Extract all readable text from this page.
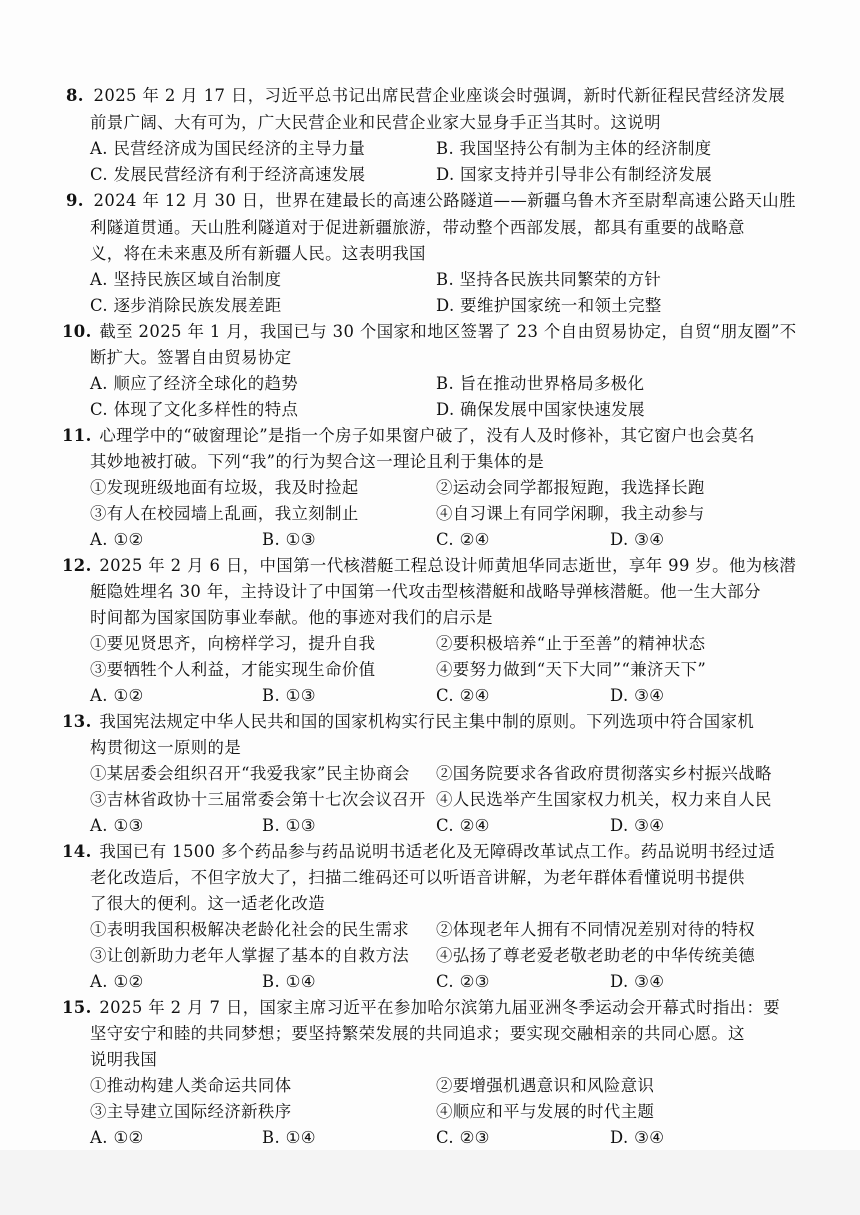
8. 2025 年 2 月 17 日，习近平总书记出席民营企业座谈会时强调，新时代新征程民营经济发展
前景广阔、大有可为，广大民营企业和民营企业家大显身手正当其时。这说明
A. 民营经济成为国民经济的主导力量	B. 我国坚持公有制为主体的经济制度
C. 发展民营经济有利于经济高速发展	D. 国家支持并引导非公有制经济发展
9. 2024 年 12 月 30 日，世界在建最长的高速公路隧道——新疆乌鲁木齐至尉犁高速公路天山胜
利隧道贯通。天山胜利隧道对于促进新疆旅游，带动整个西部发展，都具有重要的战略意
义，将在未来惠及所有新疆人民。这表明我国
A. 坚持民族区域自治制度	B. 坚持各民族共同繁荣的方针
C. 逐步消除民族发展差距	D. 要维护国家统一和领土完整
10. 截至 2025 年 1 月，我国已与 30 个国家和地区签署了 23 个自由贸易协定，自贸“朋友圈”不
断扩大。签署自由贸易协定
A. 顺应了经济全球化的趋势	B. 旨在推动世界格局多极化
C. 体现了文化多样性的特点	D. 确保发展中国家快速发展
11. 心理学中的“破窗理论”是指一个房子如果窗户破了，没有人及时修补，其它窗户也会莫名
其妙地被打破。下列“我”的行为契合这一理论且利于集体的是
①发现班级地面有垃圾，我及时捡起	②运动会同学都报短跑，我选择长跑
③有人在校园墙上乱画，我立刻制止	④自习课上有同学闲聊，我主动参与
A. ①②	B. ①③	C. ②④	D. ③④
12. 2025 年 2 月 6 日，中国第一代核潜艇工程总设计师黄旭华同志逝世，享年 99 岁。他为核潜
艇隐姓埋名 30 年，主持设计了中国第一代攻击型核潜艇和战略导弹核潜艇。他一生大部分
时间都为国家国防事业奉献。他的事迹对我们的启示是
①要见贤思齐，向榜样学习，提升自我	②要积极培养“止于至善”的精神状态
③要牺牲个人利益，才能实现生命价值	④要努力做到“天下大同”“兼济天下”
A. ①②	B. ①③	C. ②④	D. ③④
13. 我国宪法规定中华人民共和国的国家机构实行民主集中制的原则。下列选项中符合国家机
构贯彻这一原则的是
①某居委会组织召开“我爱我家”民主协商会 ②国务院要求各省政府贯彻落实乡村振兴战略
③吉林省政协十三届常委会第十七次会议召开 ④人民选举产生国家权力机关，权力来自人民
A. ①③	B. ①③	C. ②④	D. ③④
14. 我国已有 1500 多个药品参与药品说明书适老化及无障碍改革试点工作。药品说明书经过适
老化改造后，不但字放大了，扫描二维码还可以听语音讲解，为老年群体看懂说明书提供
了很大的便利。这一适老化改造
①表明我国积极解决老龄化社会的民生需求 ②体现老年人拥有不同情况差别对待的特权
③让创新助力老年人掌握了基本的自救方法 ④弘扬了尊老爱老敬老助老的中华传统美德
A. ①②	B. ①④	C. ②③	D. ③④
15. 2025 年 2 月 7 日，国家主席习近平在参加哈尔滨第九届亚洲冬季运动会开幕式时指出：要
坚守安宁和睦的共同梦想；要坚持繁荣发展的共同追求；要实现交融相亲的共同心愿。这
说明我国
①推动构建人类命运共同体	②要增强机遇意识和风险意识
③主导建立国际经济新秩序	④顺应和平与发展的时代主题
A. ①②	B. ①④	C. ②③	D. ③④
